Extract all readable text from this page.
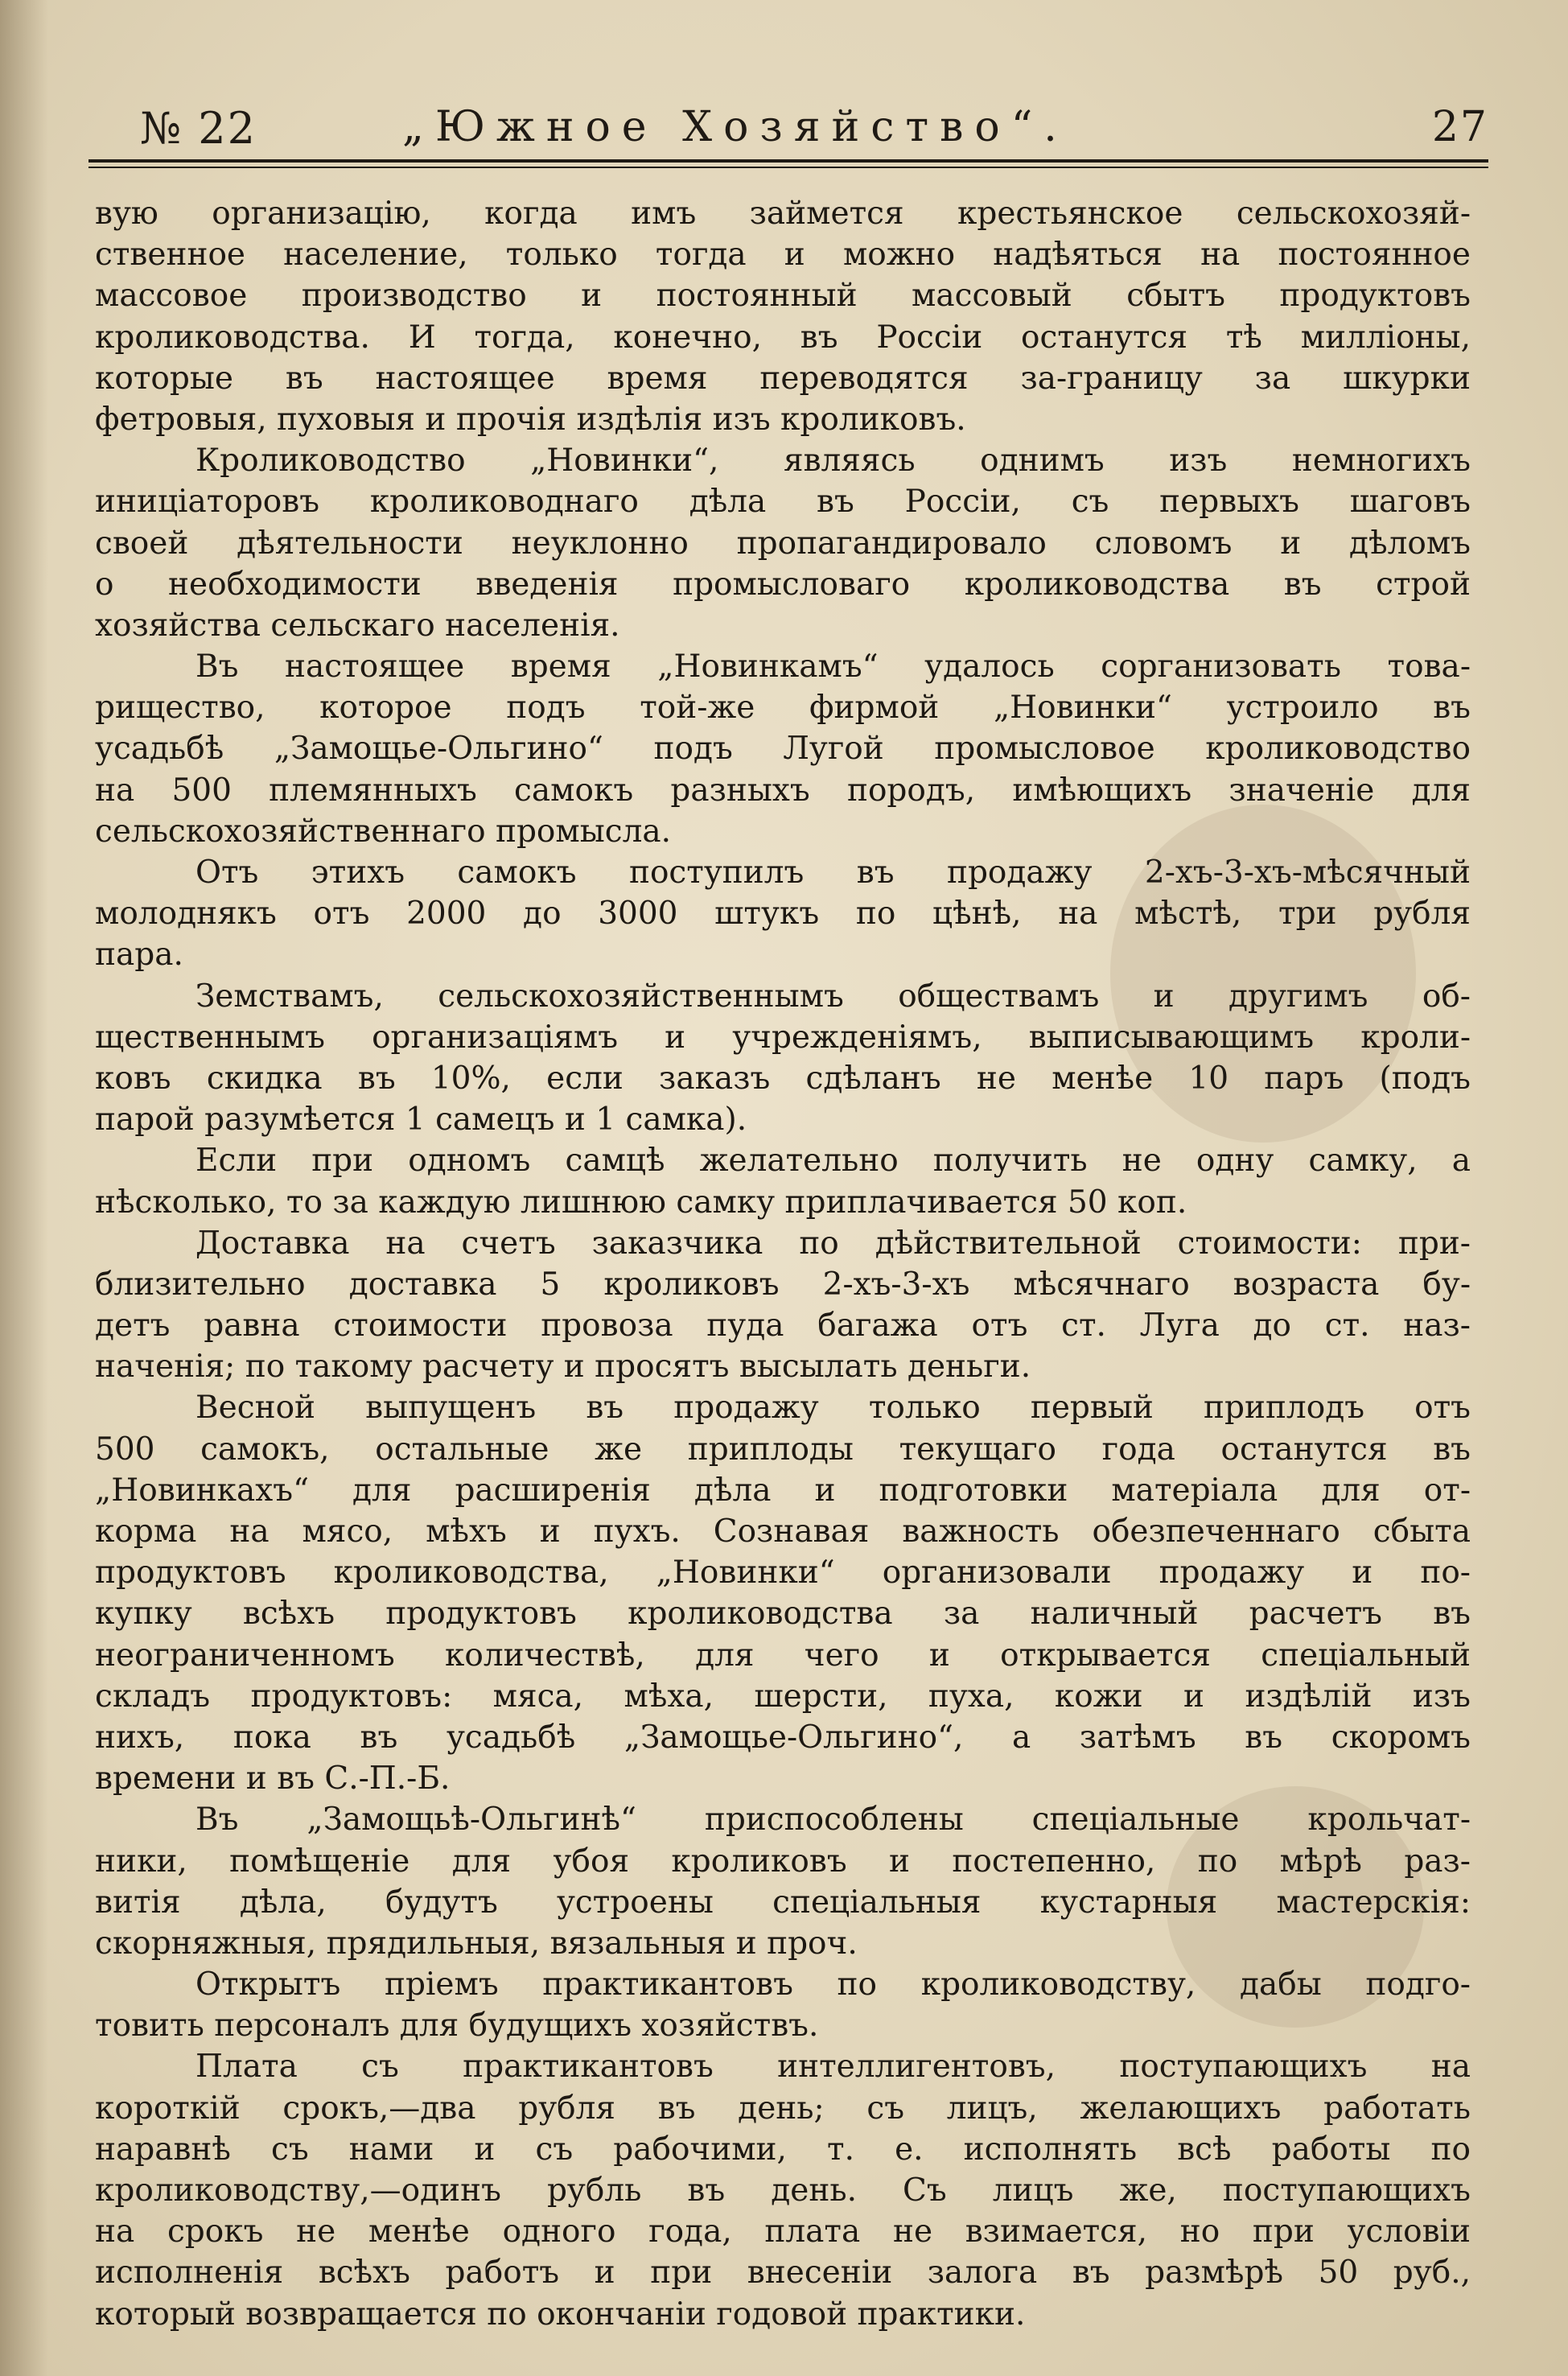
№ 22	„Южное Хозяйство“.	27
вую организацію, когда имъ займется крестьянское сельскохозяй-
ственное население, только тогда и можно надѣяться на постоянное
массовое производство и постоянный массовый сбытъ продуктовъ
кролиководства. И тогда, конечно, въ Россіи останутся тѣ милліоны,
которые въ настоящее время переводятся за-границу за шкурки
фетровыя, пуховыя и прочія издѣлія изъ кроликовъ.
Кролиководство „Новинки“, являясь однимъ изъ немногихъ
иниціаторовъ кролиководнаго дѣла въ Россіи, съ первыхъ шаговъ
своей дѣятельности неуклонно пропагандировало словомъ и дѣломъ
о необходимости введенія промысловаго кролиководства въ строй
хозяйства сельскаго населенія.
Въ настоящее время „Новинкамъ“ удалось сорганизовать това-
рищество, которое подъ той-же фирмой „Новинки“ устроило въ
усадьбѣ „Замощье-Ольгино“ подъ Лугой промысловое кролиководство
на 500 племянныхъ самокъ разныхъ породъ, имѣющихъ значеніе для
сельскохозяйственнаго промысла.
Отъ этихъ самокъ поступилъ въ продажу 2-хъ-3-хъ-мѣсячный
молоднякъ отъ 2000 до 3000 штукъ по цѣнѣ, на мѣстѣ, три рубля
пара.
Земствамъ, сельскохозяйственнымъ обществамъ и другимъ об-
щественнымъ организаціямъ и учрежденіямъ, выписывающимъ кроли-
ковъ скидка въ 10%, если заказъ сдѣланъ не менѣе 10 паръ (подъ
парой разумѣется 1 самецъ и 1 самка).
Если при одномъ самцѣ желательно получить не одну самку, а
нѣсколько, то за каждую лишнюю самку приплачивается 50 коп.
Доставка на счетъ заказчика по дѣйствительной стоимости: при-
близительно доставка 5 кроликовъ 2-хъ-3-хъ мѣсячнаго возраста бу-
детъ равна стоимости провоза пуда багажа отъ ст. Луга до ст. наз-
наченія; по такому расчету и просятъ высылать деньги.
Весной выпущенъ въ продажу только первый приплодъ отъ
500 самокъ, остальные же приплоды текущаго года останутся въ
„Новинкахъ“ для расширенія дѣла и подготовки матеріала для от-
корма на мясо, мѣхъ и пухъ. Сознавая важность обезпеченнаго сбыта
продуктовъ кролиководства, „Новинки“ организовали продажу и по-
купку всѣхъ продуктовъ кролиководства за наличный расчетъ въ
неограниченномъ количествѣ, для чего и открывается спеціальный
складъ продуктовъ: мяса, мѣха, шерсти, пуха, кожи и издѣлій изъ
нихъ, пока въ усадьбѣ „Замощье-Ольгино“, а затѣмъ въ скоромъ
времени и въ С.-П.-Б.
Въ „Замощьѣ-Ольгинѣ“ приспособлены спеціальные крольчат-
ники, помѣщеніе для убоя кроликовъ и постепенно, по мѣрѣ раз-
витія дѣла, будутъ устроены спеціальныя кустарныя мастерскія:
скорняжныя, прядильныя, вязальныя и проч.
Открытъ пріемъ практикантовъ по кролиководству, дабы подго-
товить персоналъ для будущихъ хозяйствъ.
Плата съ практикантовъ интеллигентовъ, поступающихъ на
короткій срокъ,—два рубля въ день; съ лицъ, желающихъ работать
наравнѣ съ нами и съ рабочими, т. е. исполнять всѣ работы по
кролиководству,—одинъ рубль въ день. Съ лицъ же, поступающихъ
на срокъ не менѣе одного года, плата не взимается, но при условіи
исполненія всѣхъ работъ и при внесеніи залога въ размѣрѣ 50 руб.,
который возвращается по окончаніи годовой практики.
